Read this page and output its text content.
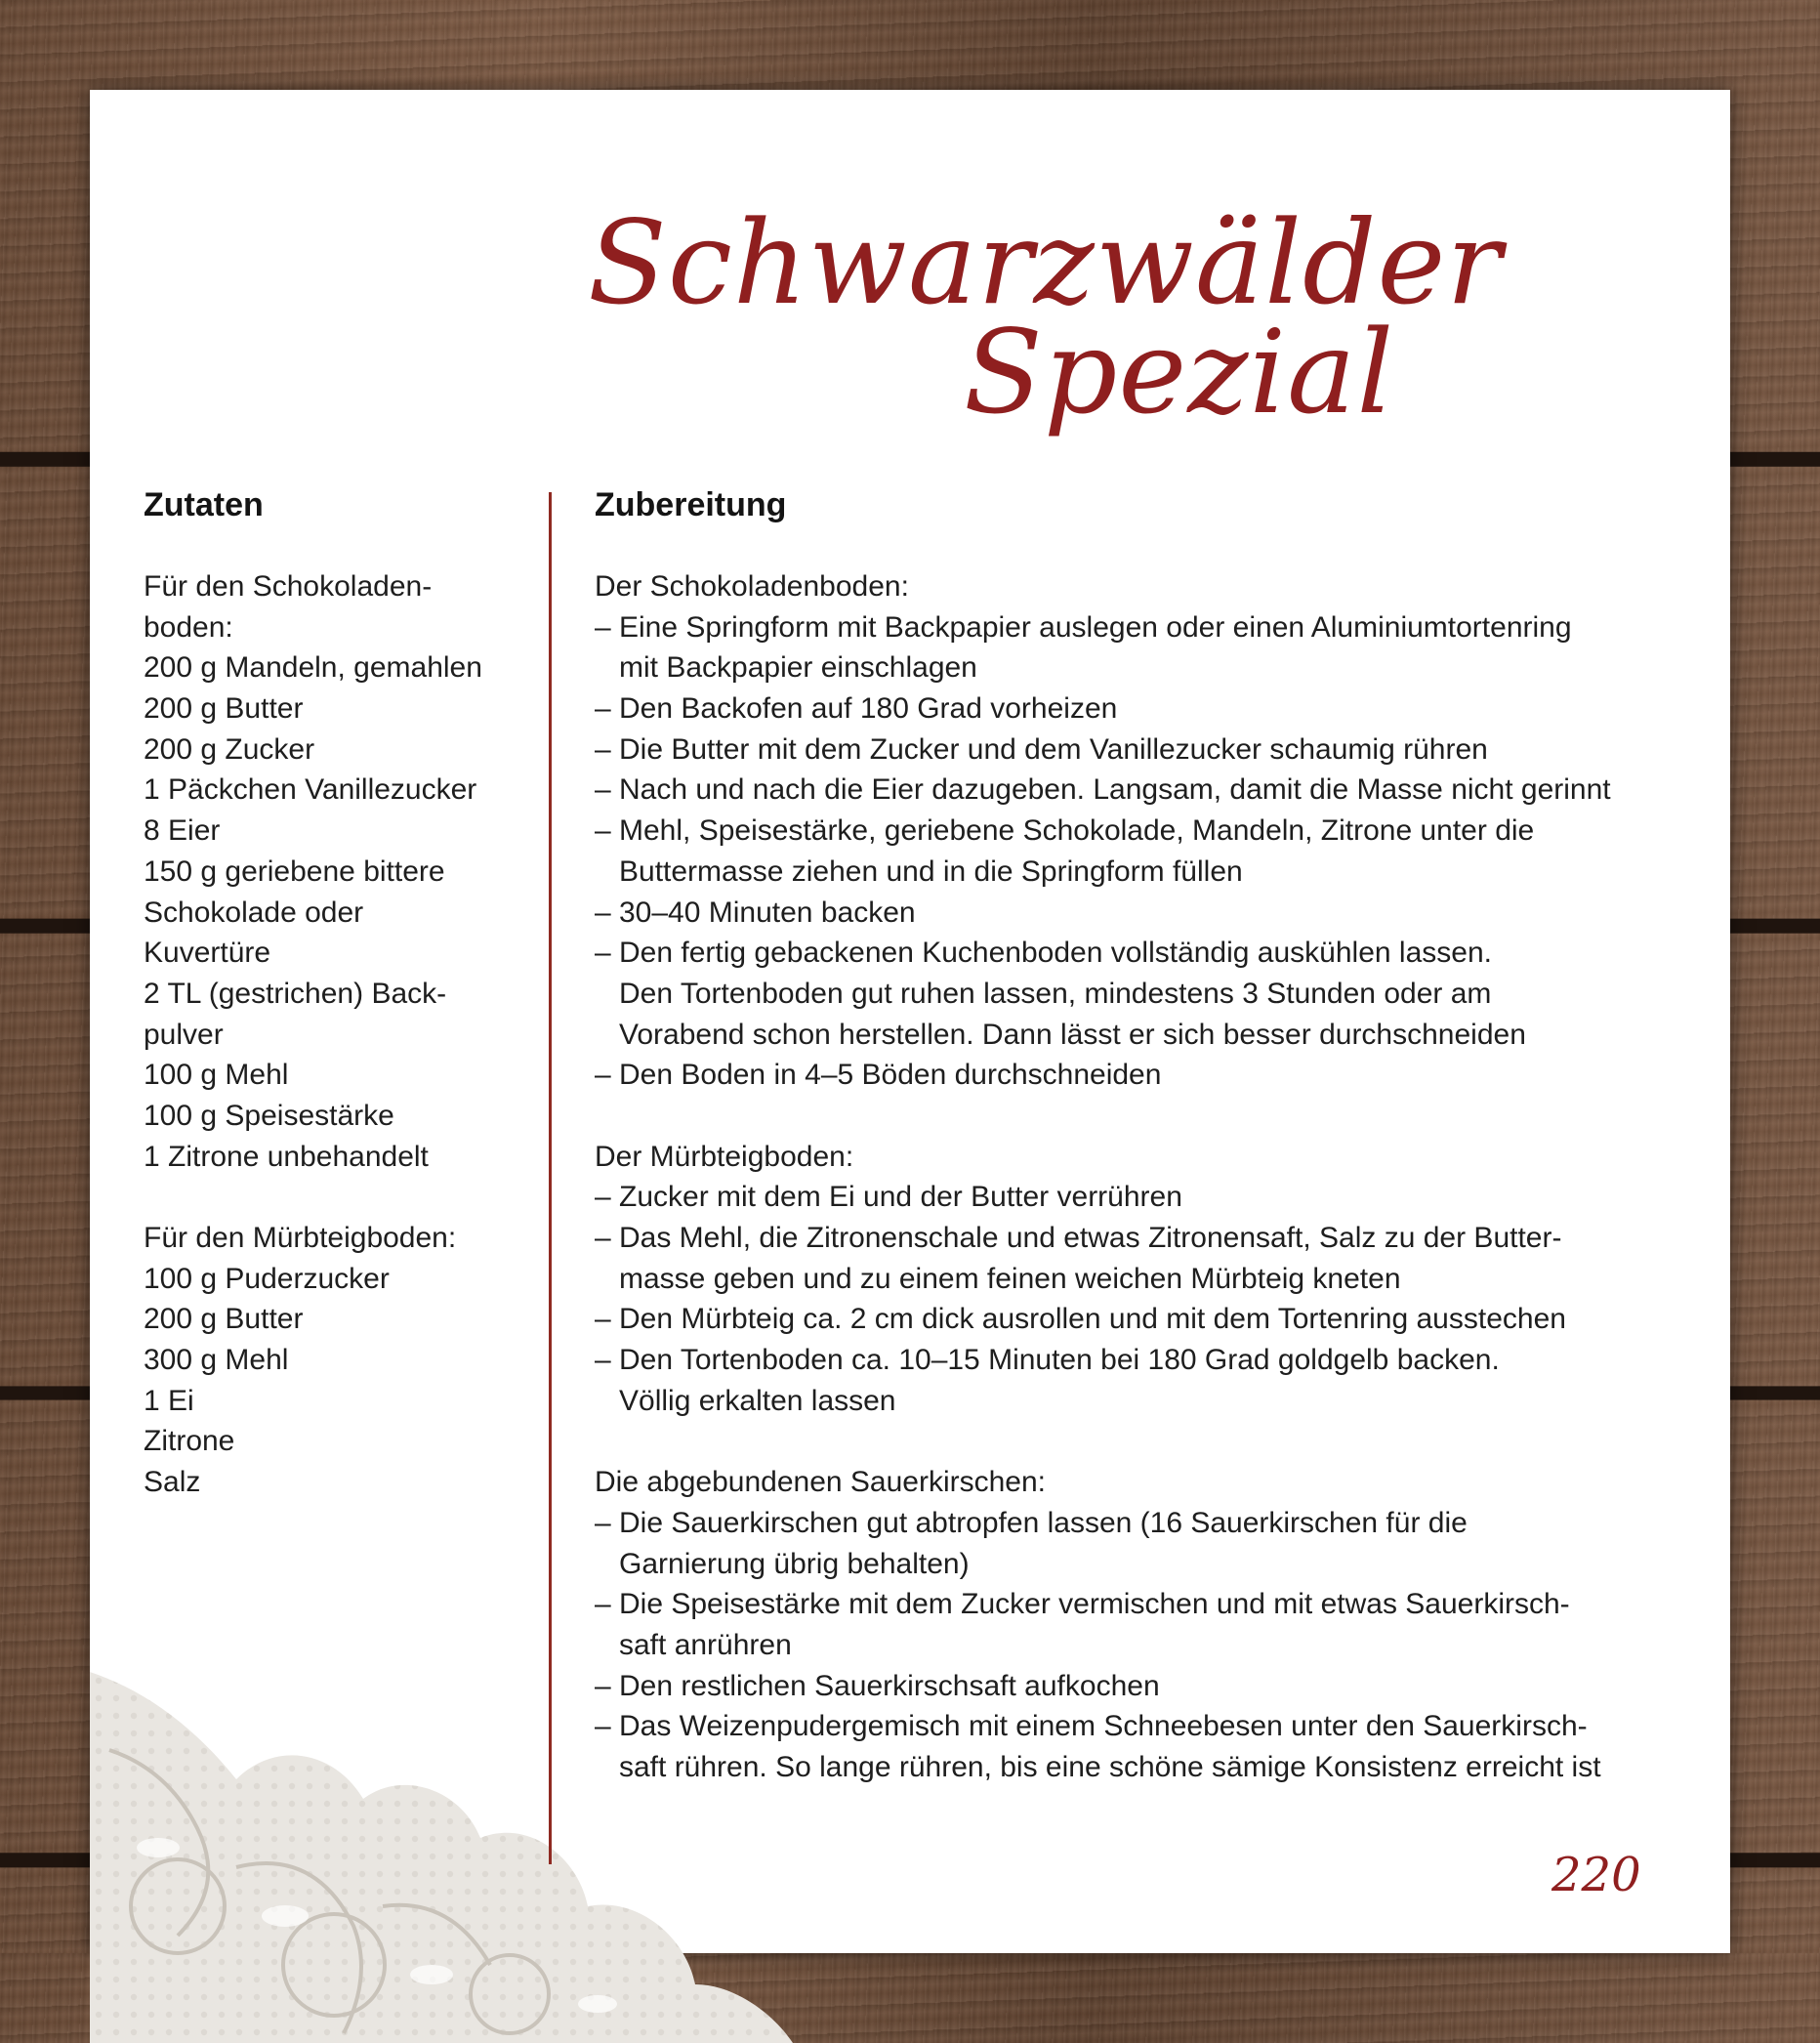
Schwarzwälder
Spezial
Zutaten	Zubereitung
Für den Schokoladen-
boden:
200 g Mandeln, gemahlen
200 g Butter
200 g Zucker
1 Päckchen Vanillezucker
8 Eier
150 g geriebene bittere
Schokolade oder
Kuvertüre
2 TL (gestrichen) Back-
pulver
100 g Mehl
100 g Speisestärke
1 Zitrone unbehandelt
Für den Mürbteigboden:
100 g Puderzucker
200 g Butter
300 g Mehl
1 Ei
Zitrone
Salz
Der Schokoladenboden:
– Eine Springform mit Backpapier auslegen oder einen Aluminiumtortenring
mit Backpapier einschlagen
– Den Backofen auf 180 Grad vorheizen
– Die Butter mit dem Zucker und dem Vanillezucker schaumig rühren
– Nach und nach die Eier dazugeben. Langsam, damit die Masse nicht gerinnt
– Mehl, Speisestärke, geriebene Schokolade, Mandeln, Zitrone unter die
Buttermasse ziehen und in die Springform füllen
– 30–40 Minuten backen
– Den fertig gebackenen Kuchenboden vollständig auskühlen lassen.
Den Tortenboden gut ruhen lassen, mindestens 3 Stunden oder am
Vorabend schon herstellen. Dann lässt er sich besser durchschneiden
– Den Boden in 4–5 Böden durchschneiden
Der Mürbteigboden:
– Zucker mit dem Ei und der Butter verrühren
– Das Mehl, die Zitronenschale und etwas Zitronensaft, Salz zu der Butter-
masse geben und zu einem feinen weichen Mürbteig kneten
– Den Mürbteig ca. 2 cm dick ausrollen und mit dem Tortenring ausstechen
– Den Tortenboden ca. 10–15 Minuten bei 180 Grad goldgelb backen.
Völlig erkalten lassen
Die abgebundenen Sauerkirschen:
– Die Sauerkirschen gut abtropfen lassen (16 Sauerkirschen für die
Garnierung übrig behalten)
– Die Speisestärke mit dem Zucker vermischen und mit etwas Sauerkirsch-
saft anrühren
– Den restlichen Sauerkirschsaft aufkochen
– Das Weizenpudergemisch mit einem Schneebesen unter den Sauerkirsch-
saft rühren. So lange rühren, bis eine schöne sämige Konsistenz erreicht ist
220
